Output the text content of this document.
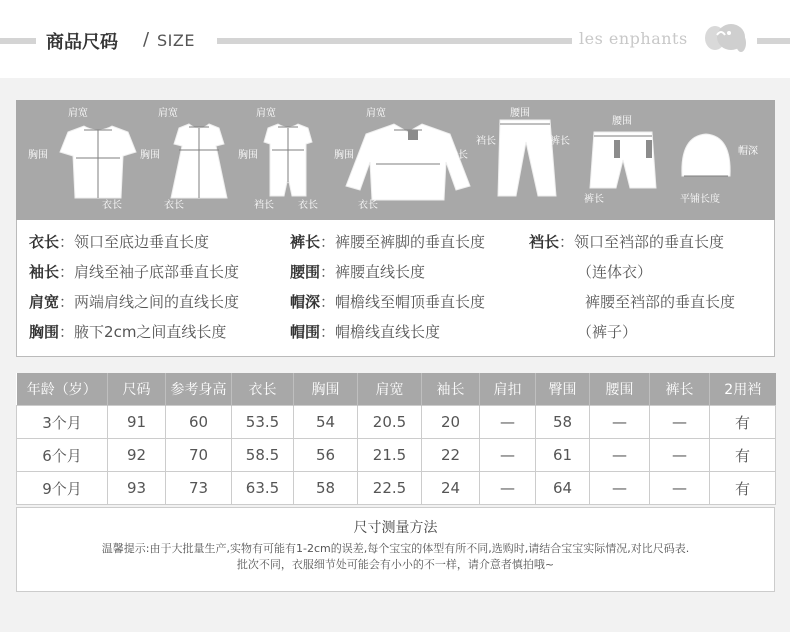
商品尺码 / SIZE	les enphants
肩宽
胸围
衣长
肩宽
胸围
衣长
肩宽
胸围
裆长 衣长
肩宽
胸围	袖长
衣长
腰围
裆长	裤长
腰围
裤长
帽深
平铺长度
衣长：领口至底边垂直长度
袖长：肩线至袖子底部垂直长度
肩宽：两端肩线之间的直线长度
胸围：腋下2cm之间直线长度
裤长：裤腰至裤脚的垂直长度
腰围：裤腰直线长度
帽深：帽檐线至帽顶垂直长度
帽围：帽檐线直线长度
裆长：领口至裆部的垂直长度
（连体衣）
裤腰至裆部的垂直长度
（裤子）
年龄（岁）	尺码	参考身高	衣长	胸围	肩宽	袖长	肩扣	臀围	腰围	裤长	2用裆
3个月	91	60	53.5	54	20.5	20	—	58	—	—	有
6个月	92	70	58.5	56	21.5	22	—	61	—	—	有
9个月	93	73	63.5	58	22.5	24	—	64	—	—	有
尺寸测量方法
温馨提示:由于大批量生产,实物有可能有1-2cm的误差,每个宝宝的体型有所不同,选购时,请结合宝宝实际情况,对比尺码表.
批次不同，衣服细节处可能会有小小的不一样，请介意者慎拍哦~
